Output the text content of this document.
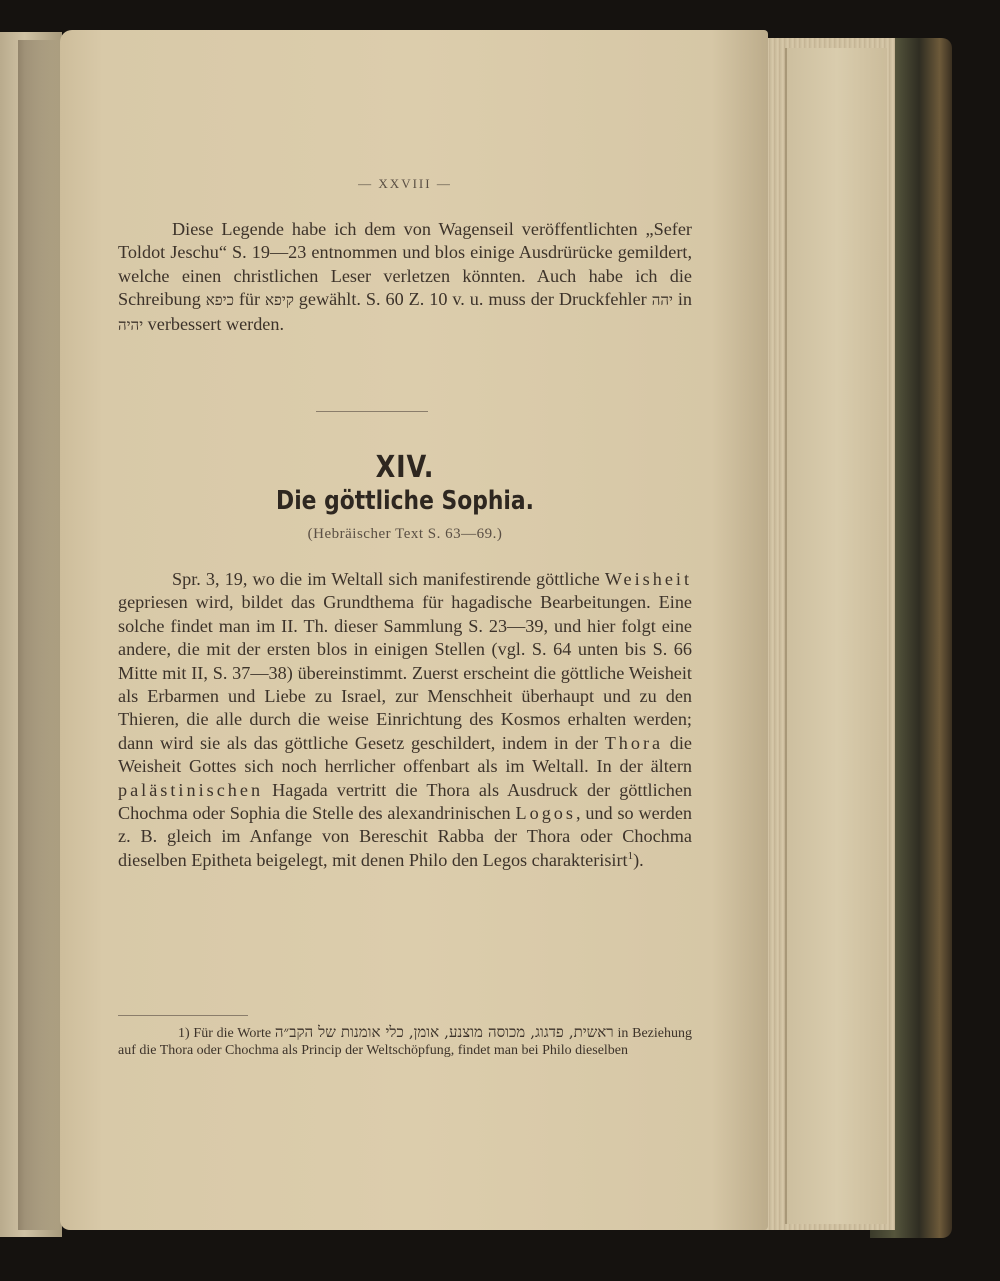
— XXVIII —

Diese Legende habe ich dem von Wagenseil veröffentlichten „Sefer Toldot Jeschu“ S. 19—23 entnommen und blos einige Ausdrürücke gemildert, welche einen christlichen Leser verletzen könnten. Auch habe ich die Schreibung כיפא für קיפא gewählt. S. 60 Z. 10 v. u. muss der Druckfehler יהה in יהיה verbessert werden.

XIV.
Die göttliche Sophia.
(Hebräischer Text S. 63—69.)

Spr. 3, 19, wo die im Weltall sich manifestirende göttliche Weisheit gepriesen wird, bildet das Grundthema für hagadische Bearbeitungen. Eine solche findet man im II. Th. dieser Sammlung S. 23—39, und hier folgt eine andere, die mit der ersten blos in einigen Stellen (vgl. S. 64 unten bis S. 66 Mitte mit II, S. 37—38) übereinstimmt. Zuerst erscheint die göttliche Weisheit als Erbarmen und Liebe zu Israel, zur Menschheit überhaupt und zu den Thieren, die alle durch die weise Einrichtung des Kosmos erhalten werden; dann wird sie als das göttliche Gesetz geschildert, indem in der Thora die Weisheit Gottes sich noch herrlicher offenbart als im Weltall. In der ältern palästinischen Hagada vertritt die Thora als Ausdruck der göttlichen Chochma oder Sophia die Stelle des alexandrinischen Logos, und so werden z. B. gleich im Anfange von Bereschit Rabba der Thora oder Chochma dieselben Epitheta beigelegt, mit denen Philo den Legos charakterisirt$^1$).

1) Für die Worte ראשית, פדגוג, מכוסה מוצנע, אומן, כלי אומנות של הקב״ה in Beziehung auf die Thora oder Chochma als Princip der Weltschöpfung, findet man bei Philo dieselben
